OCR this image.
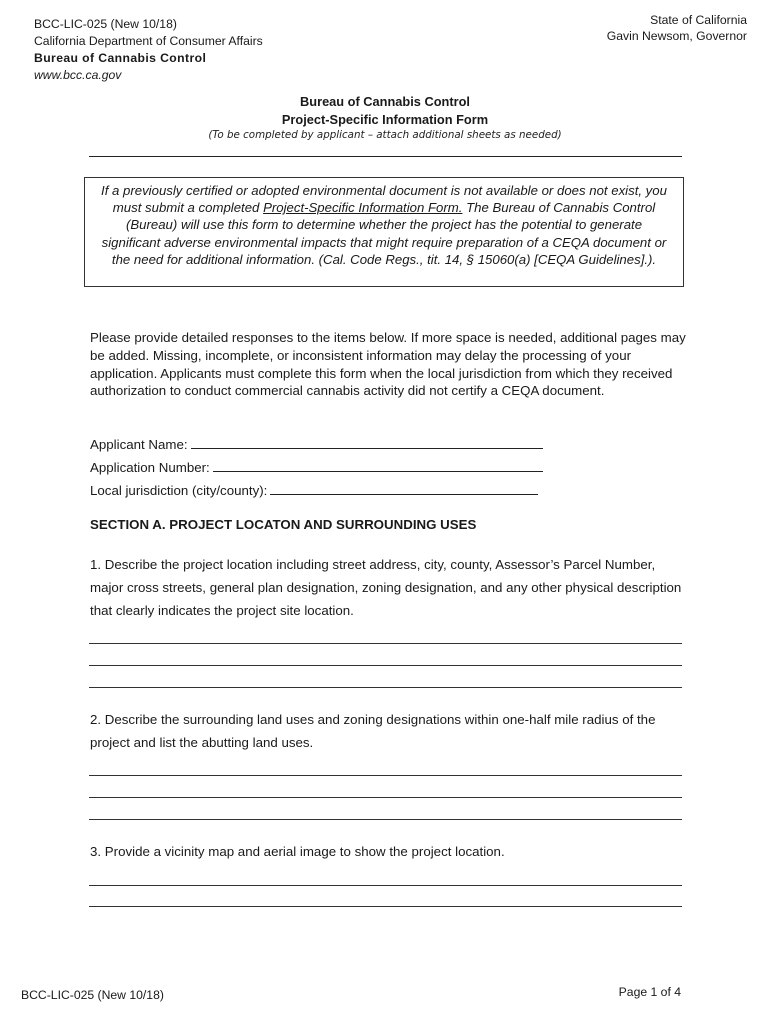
BCC-LIC-025 (New 10/18)
California Department of Consumer Affairs
Bureau of Cannabis Control
www.bcc.ca.gov
State of California
Gavin Newsom, Governor
Bureau of Cannabis Control
Project-Specific Information Form
(To be completed by applicant – attach additional sheets as needed)
If a previously certified or adopted environmental document is not available or does not exist, you must submit a completed Project-Specific Information Form. The Bureau of Cannabis Control (Bureau) will use this form to determine whether the project has the potential to generate significant adverse environmental impacts that might require preparation of a CEQA document or the need for additional information. (Cal. Code Regs., tit. 14, § 15060(a) [CEQA Guidelines].).
Please provide detailed responses to the items below. If more space is needed, additional pages may be added. Missing, incomplete, or inconsistent information may delay the processing of your application. Applicants must complete this form when the local jurisdiction from which they received authorization to conduct commercial cannabis activity did not certify a CEQA document.
Applicant Name:
Application Number:
Local jurisdiction (city/county):
SECTION A. PROJECT LOCATON AND SURROUNDING USES
1. Describe the project location including street address, city, county, Assessor’s Parcel Number, major cross streets, general plan designation, zoning designation, and any other physical description that clearly indicates the project site location.
2. Describe the surrounding land uses and zoning designations within one-half mile radius of the project and list the abutting land uses.
3. Provide a vicinity map and aerial image to show the project location.
BCC-LIC-025 (New 10/18)	Page 1 of 4
